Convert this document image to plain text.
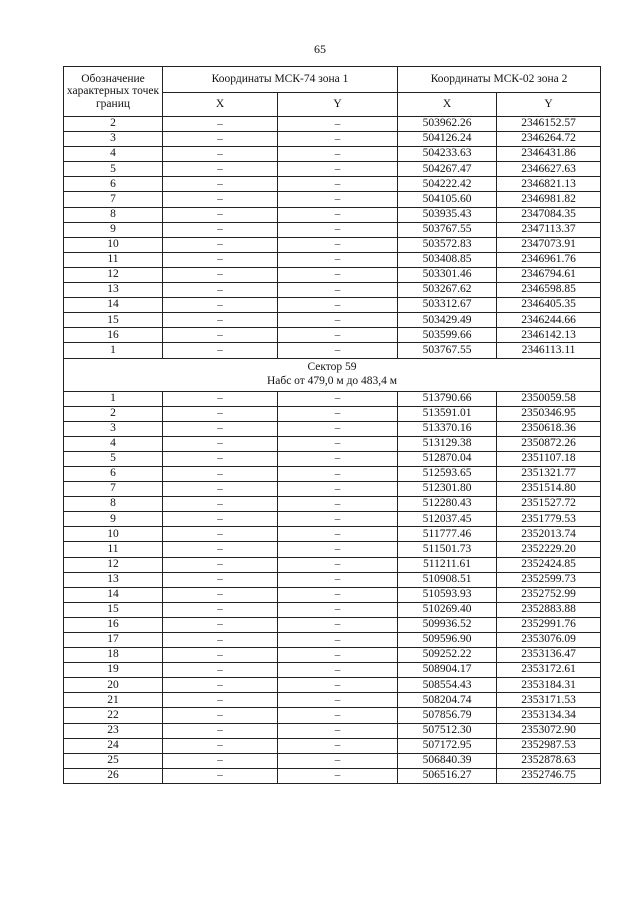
65
Обозначение характерных точек границ	Координаты МСК-74 зона 1		Координаты МСК-02 зона 2	
	X	Y	X	Y
2	–	–	503962.26	2346152.57
3	–	–	504126.24	2346264.72
4	–	–	504233.63	2346431.86
5	–	–	504267.47	2346627.63
6	–	–	504222.42	2346821.13
7	–	–	504105.60	2346981.82
8	–	–	503935.43	2347084.35
9	–	–	503767.55	2347113.37
10	–	–	503572.83	2347073.91
11	–	–	503408.85	2346961.76
12	–	–	503301.46	2346794.61
13	–	–	503267.62	2346598.85
14	–	–	503312.67	2346405.35
15	–	–	503429.49	2346244.66
16	–	–	503599.66	2346142.13
1	–	–	503767.55	2346113.11

Сектор 59
Набс от 479,0 м до 483,4 м				

1	–	–	513790.66	2350059.58
2	–	–	513591.01	2350346.95
3	–	–	513370.16	2350618.36
4	–	–	513129.38	2350872.26
5	–	–	512870.04	2351107.18
6	–	–	512593.65	2351321.77
7	–	–	512301.80	2351514.80
8	–	–	512280.43	2351527.72
9	–	–	512037.45	2351779.53
10	–	–	511777.46	2352013.74
11	–	–	511501.73	2352229.20
12	–	–	511211.61	2352424.85
13	–	–	510908.51	2352599.73
14	–	–	510593.93	2352752.99
15	–	–	510269.40	2352883.88
16	–	–	509936.52	2352991.76
17	–	–	509596.90	2353076.09
18	–	–	509252.22	2353136.47
19	–	–	508904.17	2353172.61
20	–	–	508554.43	2353184.31
21	–	–	508204.74	2353171.53
22	–	–	507856.79	2353134.34
23	–	–	507512.30	2353072.90
24	–	–	507172.95	2352987.53
25	–	–	506840.39	2352878.63
26	–	–	506516.27	2352746.75
